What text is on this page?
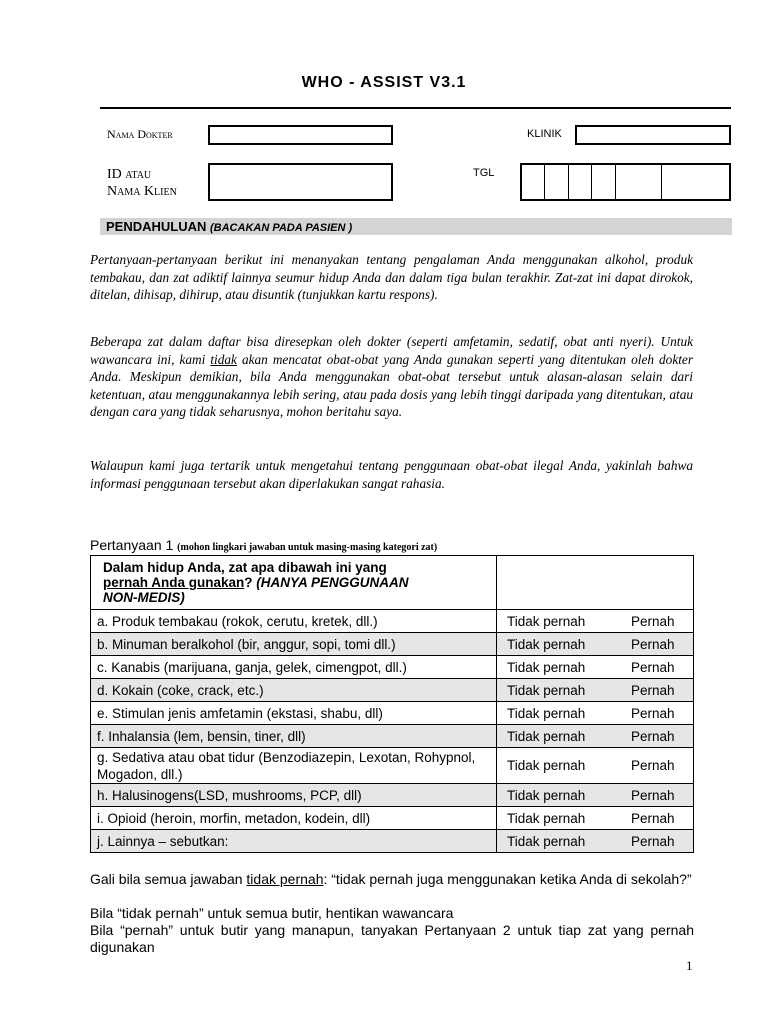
WHO - ASSIST V3.1
Nama Dokter	KLINIK
ID atau
Nama Klien
TGL
PENDAHULUAN (BACAKAN PADA PASIEN )

Pertanyaan-pertanyaan berikut ini menanyakan tentang pengalaman Anda menggunakan alkohol, produk tembakau, dan zat adiktif lainnya seumur hidup Anda dan dalam tiga bulan terakhir. Zat-zat ini dapat dirokok, ditelan, dihisap, dihirup, atau disuntik (tunjukkan kartu respons).

Beberapa zat dalam daftar bisa diresepkan oleh dokter (seperti amfetamin, sedatif, obat anti nyeri). Untuk wawancara ini, kami tidak akan mencatat obat-obat yang Anda gunakan seperti yang ditentukan oleh dokter Anda. Meskipun demikian, bila Anda menggunakan obat-obat tersebut untuk alasan-alasan selain dari ketentuan, atau menggunakannya lebih sering, atau pada dosis yang lebih tinggi daripada yang ditentukan, atau dengan cara yang tidak seharusnya, mohon beritahu saya.

Walaupun kami juga tertarik untuk mengetahui tentang penggunaan obat-obat ilegal Anda, yakinlah bahwa informasi penggunaan tersebut akan diperlakukan sangat rahasia.

Pertanyaan 1 (mohon lingkari jawaban untuk masing-masing kategori zat)
Dalam hidup Anda, zat apa dibawah ini yang
pernah Anda gunakan? (HANYA PENGGUNAAN
NON-MEDIS)	

a. Produk tembakau (rokok, cerutu, kretek, dll.)	Tidak pernah Pernah

b. Minuman beralkohol (bir, anggur, sopi, tomi dll.)	Tidak pernah Pernah

c. Kanabis (marijuana, ganja, gelek, cimengpot, dll.)	Tidak pernah Pernah

d. Kokain (coke, crack, etc.)	Tidak pernah Pernah

e. Stimulan jenis amfetamin (ekstasi, shabu, dll)	Tidak pernah Pernah

f. Inhalansia (lem, bensin, tiner, dll)	Tidak pernah Pernah

g. Sedativa atau obat tidur (Benzodiazepin, Lexotan, Rohypnol, Mogadon, dll.)	Tidak pernah Pernah

h. Halusinogens(LSD, mushrooms, PCP, dll)	Tidak pernah Pernah

i. Opioid (heroin, morfin, metadon, kodein, dll)	Tidak pernah Pernah

j. Lainnya – sebutkan:	Tidak pernah Pernah

Gali bila semua jawaban tidak pernah: “tidak pernah juga menggunakan ketika Anda di sekolah?”

Bila “tidak pernah” untuk semua butir, hentikan wawancara

Bila “pernah” untuk butir yang manapun, tanyakan Pertanyaan 2 untuk tiap zat yang pernah digunakan

1
